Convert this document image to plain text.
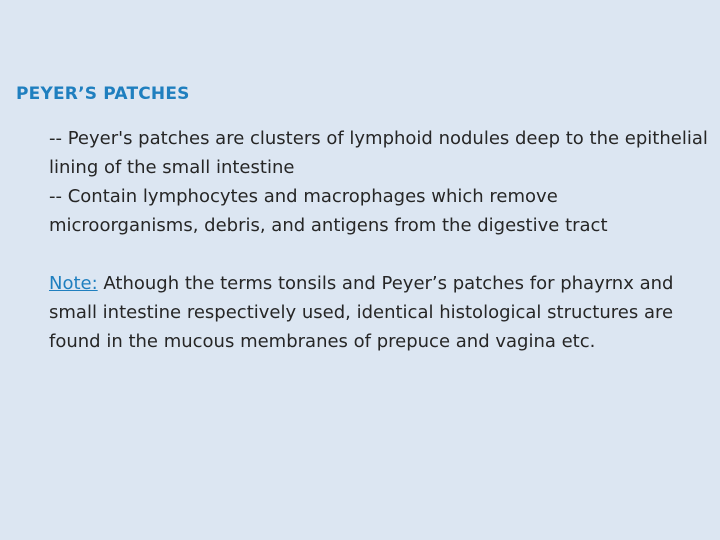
PEYER’S PATCHES

-- Peyer's patches are clusters of lymphoid nodules deep to the epithelial lining of the small intestine

-- Contain lymphocytes and macrophages which remove microorganisms, debris, and antigens from the digestive tract

Note: Athough the terms tonsils and Peyer’s patches for phayrnx and small intestine respectively used, identical histological structures are found in the mucous membranes of prepuce and vagina etc.
